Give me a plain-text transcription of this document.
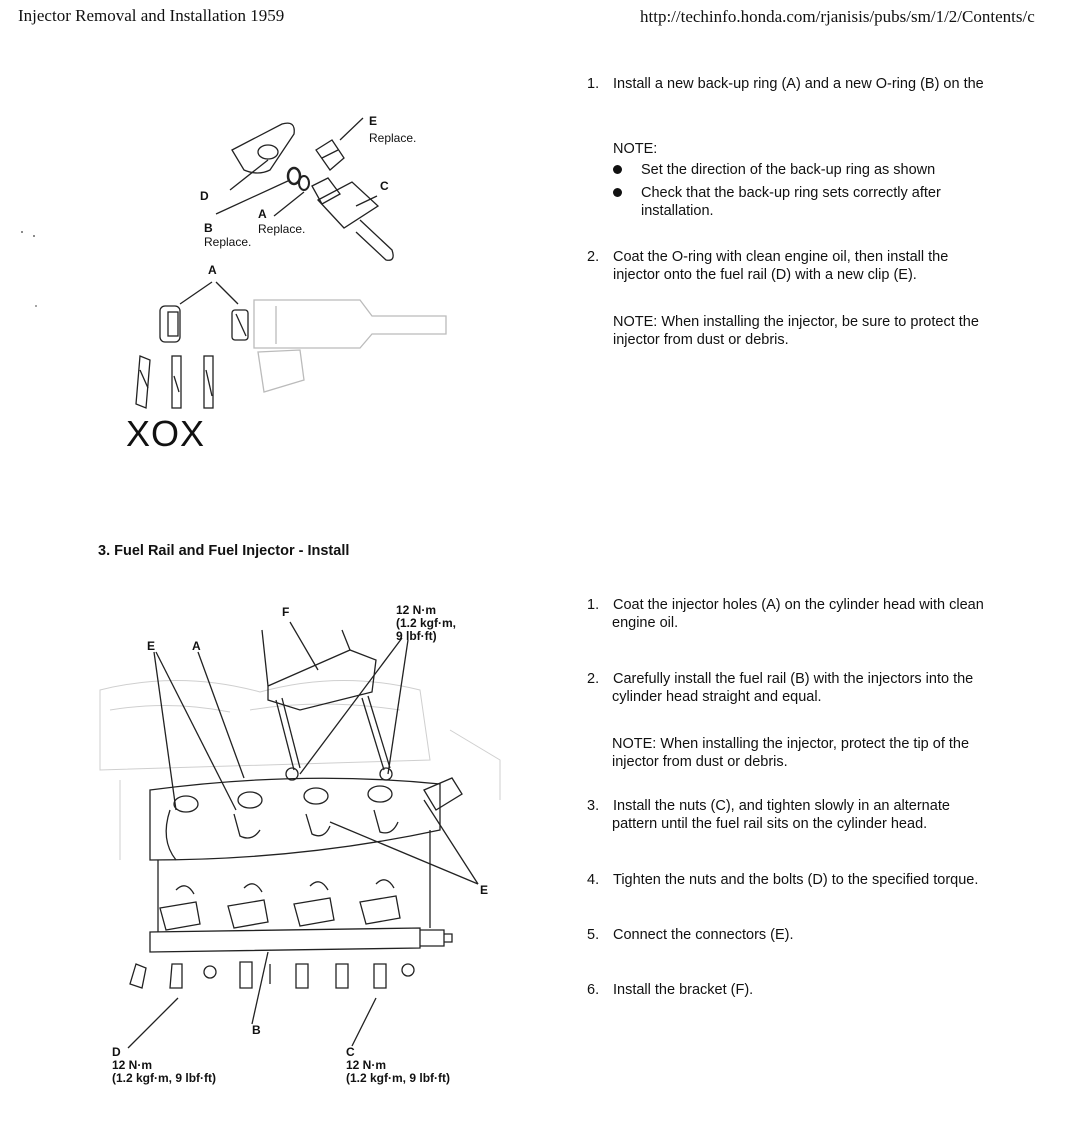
Injector Removal and Installation 1959	http://techinfo.honda.com/rjanisis/pubs/sm/1/2/Contents/c
1. Install a new back-up ring (A) and a new O-ring (B) on the
NOTE:
Set the direction of the back-up ring as shown
Check that the back-up ring sets correctly after
installation.
2. Coat the O-ring with clean engine oil, then install the
injector onto the fuel rail (D) with a new clip (E).
NOTE: When installing the injector, be sure to protect the
injector from dust or debris.
3. Fuel Rail and Fuel Injector - Install
1. Coat the injector holes (A) on the cylinder head with clean
engine oil.
2. Carefully install the fuel rail (B) with the injectors into the
cylinder head straight and equal.
NOTE: When installing the injector, protect the tip of the
injector from dust or debris.
3. Install the nuts (C), and tighten slowly in an alternate
pattern until the fuel rail sits on the cylinder head.
4. Tighten the nuts and the bolts (D) to the specified torque.
5. Connect the connectors (E).
6. Install the bracket (F).
E
Replace.
C
D
A
Replace.
B
Replace.
A
XOX
F
E	A
12 N·m
(1.2 kgf·m,
9 lbf·ft)
E
B
D
12 N·m
(1.2 kgf·m, 9 lbf·ft)
C
12 N·m
(1.2 kgf·m, 9 lbf·ft)
